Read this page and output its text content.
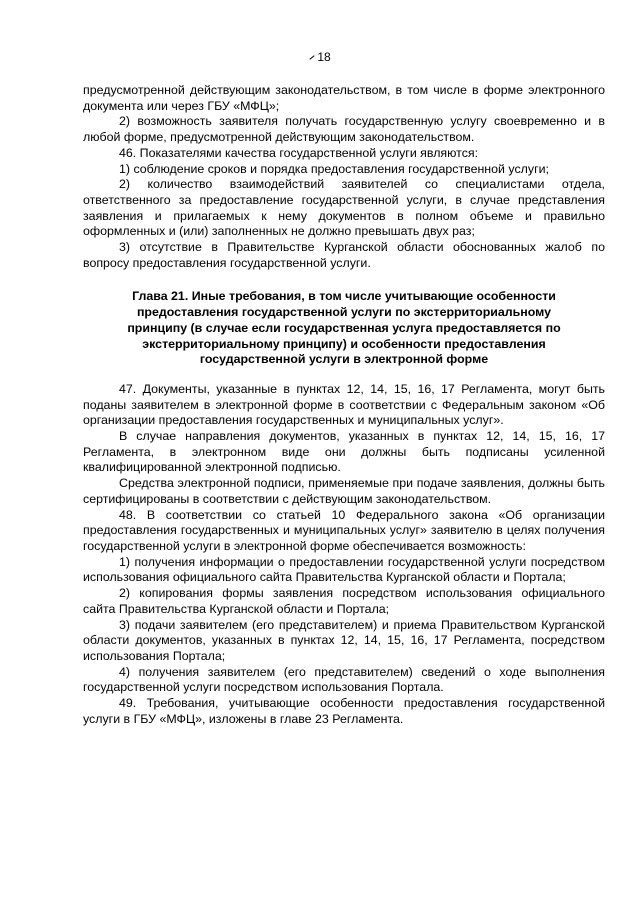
18

предусмотренной действующим законодательством, в том числе в форме электронного документа или через ГБУ «МФЦ»;

2) возможность заявителя получать государственную услугу своевременно и в любой форме, предусмотренной действующим законодательством.

46. Показателями качества государственной услуги являются:

1) соблюдение сроков и порядка предоставления государственной услуги;

2) количество взаимодействий заявителей со специалистами отдела, ответственного за предоставление государственной услуги, в случае представления заявления и прилагаемых к нему документов в полном объеме и правильно оформленных и (или) заполненных не должно превышать двух раз;

3) отсутствие в Правительстве Курганской области обоснованных жалоб по вопросу предоставления государственной услуги.

Глава 21. Иные требования, в том числе учитывающие особенности
предоставления государственной услуги по экстерриториальному
принципу (в случае если государственная услуга предоставляется по
экстерриториальному принципу) и особенности предоставления
государственной услуги в электронной форме

47. Документы, указанные в пунктах 12, 14, 15, 16, 17 Регламента, могут быть поданы заявителем в электронной форме в соответствии с Федеральным законом «Об организации предоставления государственных и муниципальных услуг».

В случае направления документов, указанных в пунктах 12, 14, 15, 16, 17 Регламента, в электронном виде они должны быть подписаны усиленной квалифицированной электронной подписью.

Средства электронной подписи, применяемые при подаче заявления, должны быть сертифицированы в соответствии с действующим законодательством.

48. В соответствии со статьей 10 Федерального закона «Об организации предоставления государственных и муниципальных услуг» заявителю в целях получения государственной услуги в электронной форме обеспечивается возможность:

1) получения информации о предоставлении государственной услуги посредством использования официального сайта Правительства Курганской области и Портала;

2) копирования формы заявления посредством использования официального сайта Правительства Курганской области и Портала;

3) подачи заявителем (его представителем) и приема Правительством Курганской области документов, указанных в пунктах 12, 14, 15, 16, 17 Регламента, посредством использования Портала;

4) получения заявителем (его представителем) сведений о ходе выполнения государственной услуги посредством использования Портала.

49. Требования, учитывающие особенности предоставления государственной услуги в ГБУ «МФЦ», изложены в главе 23 Регламента.
